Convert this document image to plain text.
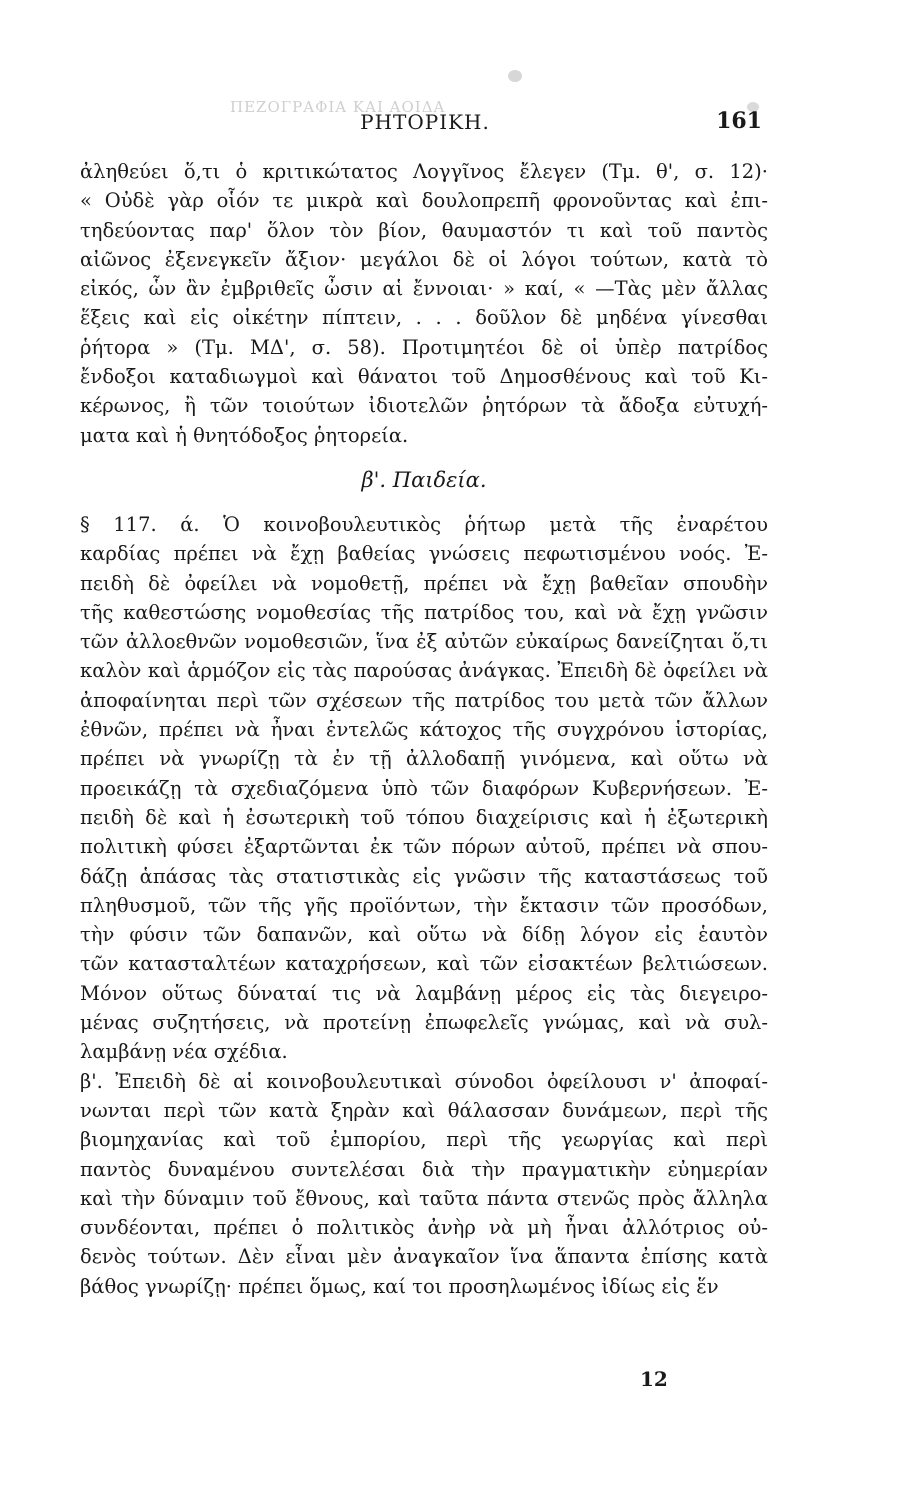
ΠΕΖΟΓΡΑΦΙΑ ΚΑΙ ΑΟΙΔΑ
ΡΗΤΟΡΙΚΗ.	161
ἀληθεύει ὅ,τι ὁ κριτικώτατος Λογγῖνος ἔλεγεν (Τμ. θ', σ. 12)·
« Οὐδὲ γὰρ οἷόν τε μικρὰ καὶ δουλοπρεπῆ φρονοῦντας καὶ ἐπι-
τηδεύοντας παρ' ὅλον τὸν βίον, θαυμαστόν τι καὶ τοῦ παντὸς
αἰῶνος ἐξενεγκεῖν ἄξιον· μεγάλοι δὲ οἱ λόγοι τούτων, κατὰ τὸ
εἰκός, ὧν ἂν ἐμβριθεῖς ὦσιν αἱ ἔννοιαι· » καί, « —Τὰς μὲν ἄλλας
ἕξεις καὶ εἰς οἰκέτην πίπτειν, . . . δοῦλον δὲ μηδένα γίνεσθαι
ῥήτορα » (Τμ. ΜΔ', σ. 58). Προτιμητέοι δὲ οἱ ὑπὲρ πατρίδος
ἔνδοξοι καταδιωγμοὶ καὶ θάνατοι τοῦ Δημοσθένους καὶ τοῦ Κι-
κέρωνος, ἢ τῶν τοιούτων ἰδιοτελῶν ῥητόρων τὰ ἄδοξα εὐτυχή-
ματα καὶ ἡ θνητόδοξος ῥητορεία.
β'. Παιδεία.
§ 117. ά. Ὁ κοινοβουλευτικὸς ῥήτωρ μετὰ τῆς ἐναρέτου
καρδίας πρέπει νὰ ἔχῃ βαθείας γνώσεις πεφωτισμένου νοός. Ἐ-
πειδὴ δὲ ὀφείλει νὰ νομοθετῇ, πρέπει νὰ ἔχῃ βαθεῖαν σπουδὴν
τῆς καθεστώσης νομοθεσίας τῆς πατρίδος του, καὶ νὰ ἔχῃ γνῶσιν
τῶν ἀλλοεθνῶν νομοθεσιῶν, ἵνα ἐξ αὐτῶν εὐκαίρως δανείζηται ὅ,τι
καλὸν καὶ ἁρμόζον εἰς τὰς παρούσας ἀνάγκας. Ἐπειδὴ δὲ ὀφείλει νὰ
ἀποφαίνηται περὶ τῶν σχέσεων τῆς πατρίδος του μετὰ τῶν ἄλλων
ἐθνῶν, πρέπει νὰ ἦναι ἐντελῶς κάτοχος τῆς συγχρόνου ἱστορίας,
πρέπει νὰ γνωρίζῃ τὰ ἐν τῇ ἀλλοδαπῇ γινόμενα, καὶ οὕτω νὰ
προεικάζῃ τὰ σχεδιαζόμενα ὑπὸ τῶν διαφόρων Κυβερνήσεων. Ἐ-
πειδὴ δὲ καὶ ἡ ἐσωτερικὴ τοῦ τόπου διαχείρισις καὶ ἡ ἐξωτερικὴ
πολιτικὴ φύσει ἐξαρτῶνται ἐκ τῶν πόρων αὐτοῦ, πρέπει νὰ σπου-
δάζῃ ἁπάσας τὰς στατιστικὰς εἰς γνῶσιν τῆς καταστάσεως τοῦ
πληθυσμοῦ, τῶν τῆς γῆς προϊόντων, τὴν ἔκτασιν τῶν προσόδων,
τὴν φύσιν τῶν δαπανῶν, καὶ οὕτω νὰ δίδῃ λόγον εἰς ἑαυτὸν
τῶν κατασταλτέων καταχρήσεων, καὶ τῶν εἰσακτέων βελτιώσεων.
Μόνον οὕτως δύναταί τις νὰ λαμβάνῃ μέρος εἰς τὰς διεγειρο-
μένας συζητήσεις, νὰ προτείνῃ ἐπωφελεῖς γνώμας, καὶ νὰ συλ-
λαμβάνῃ νέα σχέδια.
β'. Ἐπειδὴ δὲ αἱ κοινοβουλευτικαὶ σύνοδοι ὀφείλουσι ν' ἀποφαί-
νωνται περὶ τῶν κατὰ ξηρὰν καὶ θάλασσαν δυνάμεων, περὶ τῆς
βιομηχανίας καὶ τοῦ ἐμπορίου, περὶ τῆς γεωργίας καὶ περὶ
παντὸς δυναμένου συντελέσαι διὰ τὴν πραγματικὴν εὐημερίαν
καὶ τὴν δύναμιν τοῦ ἔθνους, καὶ ταῦτα πάντα στενῶς πρὸς ἄλληλα
συνδέονται, πρέπει ὁ πολιτικὸς ἀνὴρ νὰ μὴ ἦναι ἀλλότριος οὐ-
δενὸς τούτων. Δὲν εἶναι μὲν ἀναγκαῖον ἵνα ἅπαντα ἐπίσης κατὰ
βάθος γνωρίζῃ· πρέπει ὅμως, καί τοι προσηλωμένος ἰδίως εἰς ἕν
12
